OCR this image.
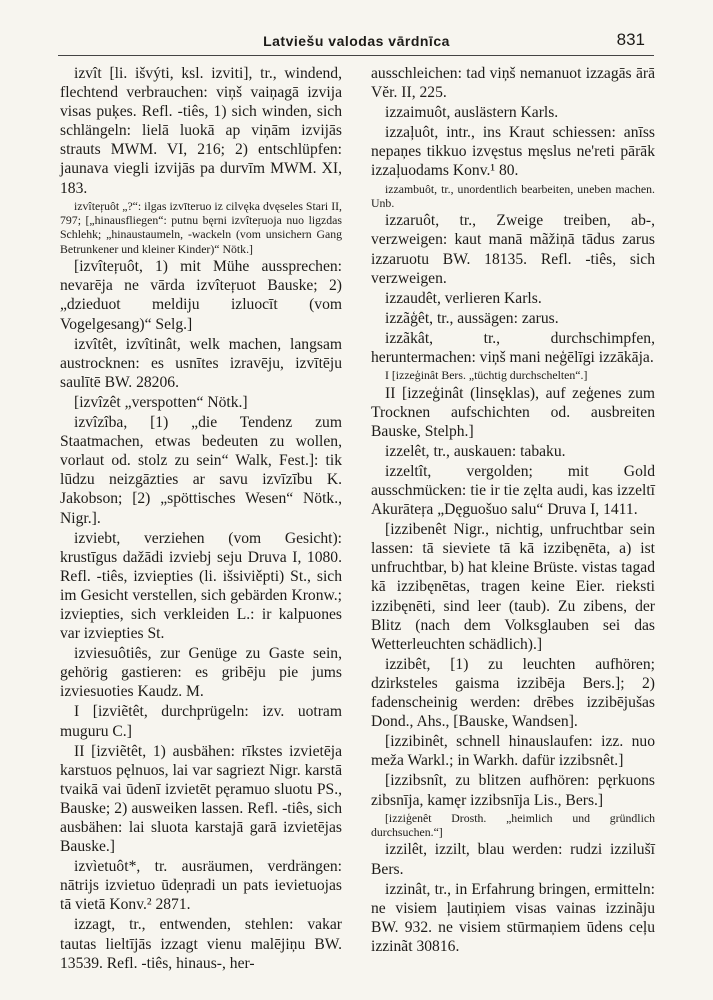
Latviešu valodas vārdnīca	831

izvît [li. išvýti, ksl. izviti], tr., windend, flechtend verbrauchen: viņš vaiņagā izvija visas puķes. Refl. -tiês, 1) sich winden, sich schlängeln: lielā luokā ap viņām izvijās strauts MWM. VI, 216; 2) entschlüpfen: jaunava viegli izvijās pa durvīm MWM. XI, 183.

izvîteŗuôt „?“: ilgas izvīteruo iz cilvęka dvęseles Stari II, 797; [„hinausfliegen“: putnu bęrni izvîteŗuoja nuo ligzdas Schlehk; „hinaustaumeln, -wackeln (vom unsichern Gang Betrunkener und kleiner Kinder)“ Nötk.]

[izvîteŗuôt, 1) mit Mühe aussprechen: nevarēja ne vārda izvîteŗuot Bauske; 2) „dzieduot meldiju izluocīt (vom Vogelgesang)“ Selg.]

izvîtêt, izvîtinât, welk machen, langsam austrocknen: es usnītes izravēju, izvītēju saulītē BW. 28206.

[izvîzêt „verspotten“ Nötk.]

izvîzîba, [1) „die Tendenz zum Staatmachen, etwas bedeuten zu wollen, vorlaut od. stolz zu sein“ Walk, Fest.]: tik lūdzu neizgāzties ar savu izvīzību K. Jakobson; [2) „spöttisches Wesen“ Nötk., Nigr.].

izviebt, verziehen (vom Gesicht): krustīgus dažādi izviebj seju Druva I, 1080. Refl. -tiês, izviepties (li. išsiviěpti) St., sich im Gesicht verstellen, sich gebärden Kronw.; izviepties, sich verkleiden L.: ir kalpuones var izviepties St.

izviesuôtiês, zur Genüge zu Gaste sein, gehörig gastieren: es gribēju pie jums izviesuoties Kaudz. M.

I [izviẽtêt, durchprügeln: izv. uotram muguru C.]

II [izviẽtêt, 1) ausbähen: rīkstes izvietēja karstuos pęlnuos, lai var sagriezt Nigr. karstā tvaikā vai ūdenī izvietēt pęramuo sluotu PS., Bauske; 2) ausweiken lassen. Refl. -tiês, sich ausbähen: lai sluota karstajā garā izvietējas Bauske.]

izvìetuôt*, tr. ausräumen, verdrängen: nātrijs izvietuo ūdeņradi un pats ievietuojas tā vietā Konv.² 2871.

izzagt, tr., entwenden, stehlen: vakar tautas lieltījās izzagt vienu malējiņu BW. 13539. Refl. -tiês, hinaus-, her-

ausschleichen: tad viņš nemanuot izzagās ārā Vĕr. II, 225.

izzaimuôt, auslästern Karls.

izzaļuôt, intr., ins Kraut schiessen: anīss nepaņes tikkuo izvęstus męslus ne'reti pārāk izzaļuodams Konv.¹ 80.

izzambuôt, tr., unordentlich bearbeiten, uneben machen. Unb.

izzaruôt, tr., Zweige treiben, ab-, verzweigen: kaut manā mãžiņā tādus zarus izzaruotu BW. 18135. Refl. -tiês, sich verzweigen.

izzaudêt, verlieren Karls.

izzãģêt, tr., aussägen: zarus.

izzãkât, tr., durchschimpfen, heruntermachen: viņš mani neģēlīgi izzākāja.

I [izzeģinât Bers. „tüchtig durchschelten“.]

II [izzeģinât (linsęklas), auf zeģenes zum Trocknen aufschichten od. ausbreiten Bauske, Stelph.]

izzelêt, tr., auskauen: tabaku.

izzeltît, vergolden; mit Gold ausschmücken: tie ir tie zęlta audi, kas izzeltī Akurāteŗa „Dęguošuo salu“ Druva I, 1411.

[izzibenêt Nigr., nichtig, unfruchtbar sein lassen: tā sieviete tā kā izzibęnēta, a) ist unfruchtbar, b) hat kleine Brüste. vistas tagad kā izzibęnētas, tragen keine Eier. rieksti izzibęnēti, sind leer (taub). Zu zibens, der Blitz (nach dem Volksglauben sei das Wetterleuchten schädlich).]

izzibêt, [1) zu leuchten aufhören; dzirksteles gaisma izzibēja Bers.]; 2) fadenscheinig werden: drēbes izzibējušas Dond., Ahs., [Bauske, Wandsen].

[izzibinêt, schnell hinauslaufen: izz. nuo meža Warkl.; in Warkh. dafür izzibsnêt.]

[izzibsnît, zu blitzen aufhören: pęrkuons zibsnīja, kamęr izzibsnīja Lis., Bers.]

[izziģenêt Drosth. „heimlich und gründlich durchsuchen.“]

izzilêt, izzilt, blau werden: rudzi izzilušī Bers.

izzinât, tr., in Erfahrung bringen, ermitteln: ne visiem ļautiņiem visas vainas izzinãju BW. 932. ne visiem stūrmaņiem ūdens ceļu izzinãt 30816.
